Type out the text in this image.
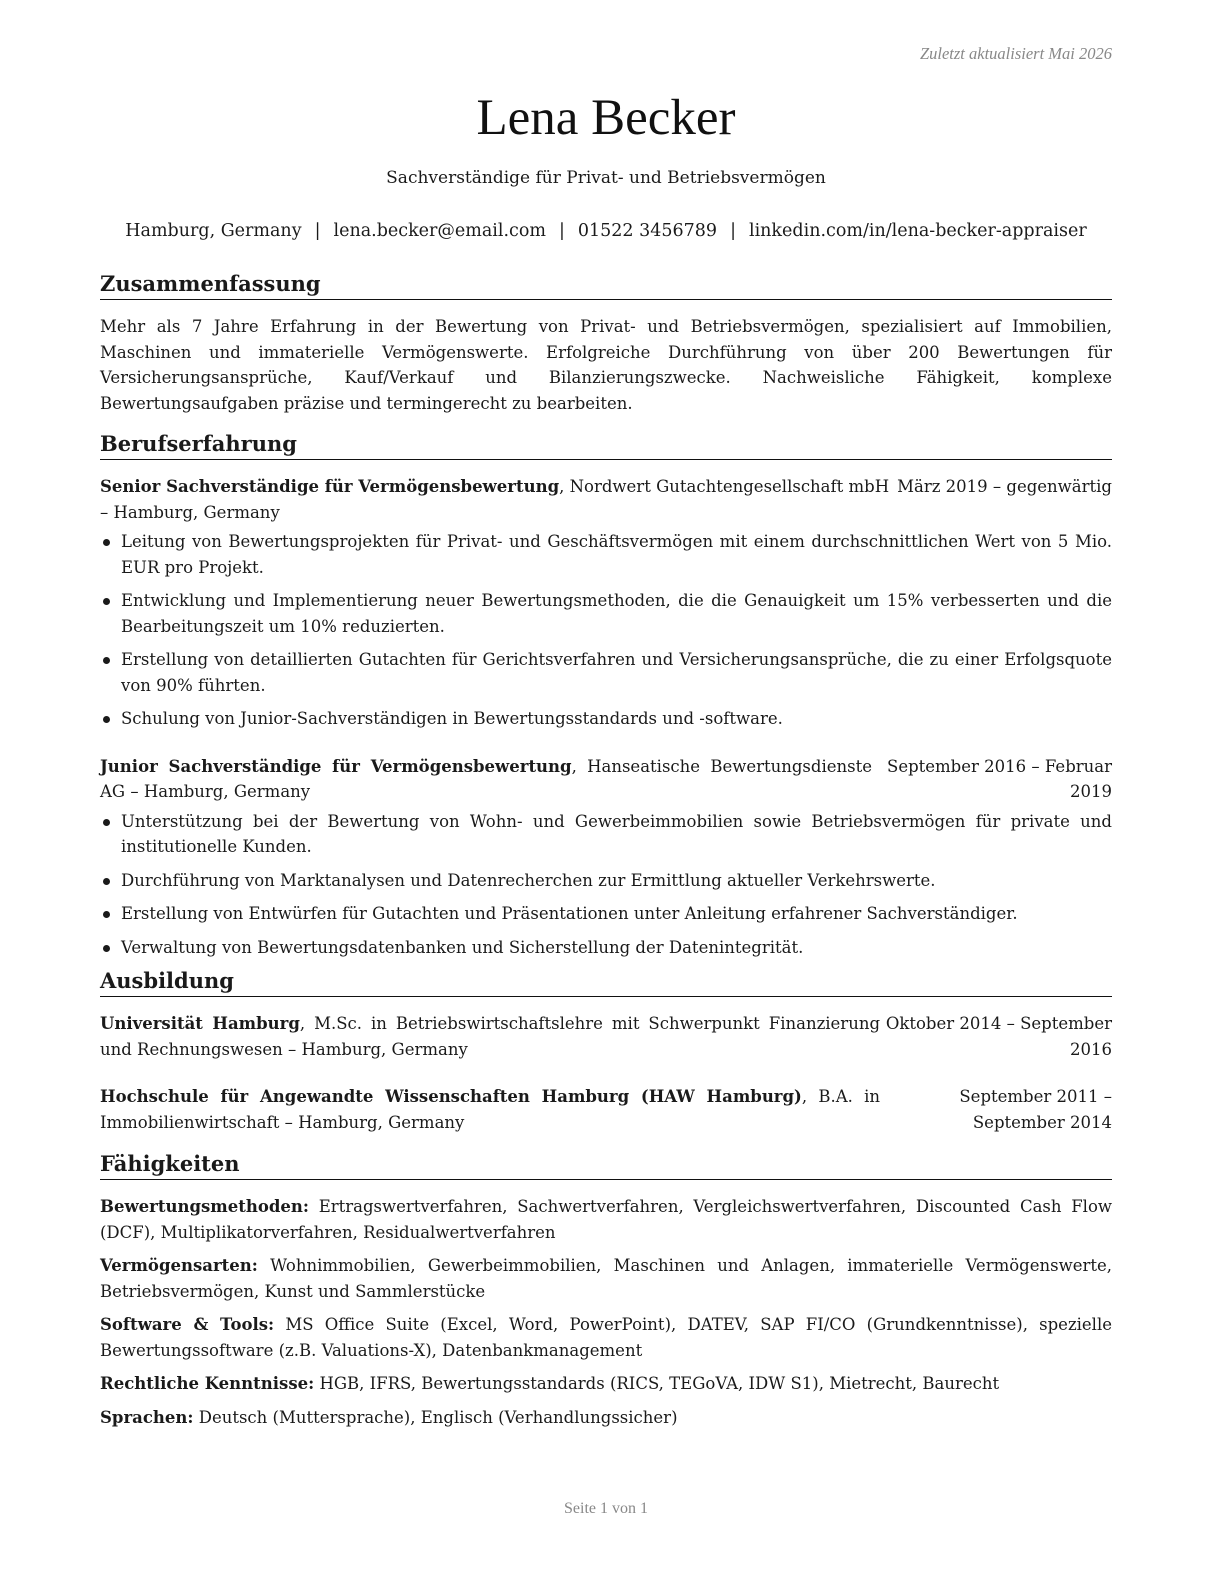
Zuletzt aktualisiert Mai 2026
Lena Becker
Sachverständige für Privat- und Betriebsvermögen
Hamburg, Germany | lena.becker@email.com | 01522 3456789 | linkedin.com/in/lena-becker-appraiser
Zusammenfassung

Mehr als 7 Jahre Erfahrung in der Bewertung von Privat- und Betriebsvermögen, spezialisiert auf Immobilien, Maschinen und immaterielle Vermögenswerte. Erfolgreiche Durchführung von über 200 Bewertungen für Versicherungsansprüche, Kauf/Verkauf und Bilanzierungszwecke. Nachweisliche Fähigkeit, komplexe Bewertungsaufgaben präzise und termingerecht zu bearbeiten.

Berufserfahrung
März 2019 – gegenwärtig
Senior Sachverständige für Vermögensbewertung, Nordwert Gutachtengesellschaft mbH – Hamburg, Germany
Leitung von Bewertungsprojekten für Privat- und Geschäftsvermögen mit einem durchschnittlichen Wert von 5 Mio. EUR pro Projekt.
Entwicklung und Implementierung neuer Bewertungsmethoden, die die Genauigkeit um 15% verbesserten und die Bearbeitungszeit um 10% reduzierten.
Erstellung von detaillierten Gutachten für Gerichtsverfahren und Versicherungsansprüche, die zu einer Erfolgsquote von 90% führten.
Schulung von Junior-Sachverständigen in Bewertungsstandards und -software.
September 2016 – Februar 2019
Junior Sachverständige für Vermögensbewertung, Hanseatische Bewertungsdienste AG – Hamburg, Germany
Unterstützung bei der Bewertung von Wohn- und Gewerbeimmobilien sowie Betriebsvermögen für private und institutionelle Kunden.
Durchführung von Marktanalysen und Datenrecherchen zur Ermittlung aktueller Verkehrswerte.
Erstellung von Entwürfen für Gutachten und Präsentationen unter Anleitung erfahrener Sachverständiger.
Verwaltung von Bewertungsdatenbanken und Sicherstellung der Datenintegrität.
Ausbildung
Oktober 2014 – September 2016
Universität Hamburg, M.Sc. in Betriebswirtschaftslehre mit Schwerpunkt Finanzierung und Rechnungswesen – Hamburg, Germany
September 2011 – September 2014
Hochschule für Angewandte Wissenschaften Hamburg (HAW Hamburg), B.A. in Immobilienwirtschaft – Hamburg, Germany
Fähigkeiten
Bewertungsmethoden: Ertragswertverfahren, Sachwertverfahren, Vergleichswertverfahren, Discounted Cash Flow (DCF), Multiplikatorverfahren, Residualwertverfahren
Vermögensarten: Wohnimmobilien, Gewerbeimmobilien, Maschinen und Anlagen, immaterielle Vermögenswerte, Betriebsvermögen, Kunst und Sammlerstücke
Software & Tools: MS Office Suite (Excel, Word, PowerPoint), DATEV, SAP FI/CO (Grundkenntnisse), spezielle Bewertungssoftware (z.B. Valuations-X), Datenbankmanagement
Rechtliche Kenntnisse: HGB, IFRS, Bewertungsstandards (RICS, TEGoVA, IDW S1), Mietrecht, Baurecht
Sprachen: Deutsch (Muttersprache), Englisch (Verhandlungssicher)
Seite 1 von 1
